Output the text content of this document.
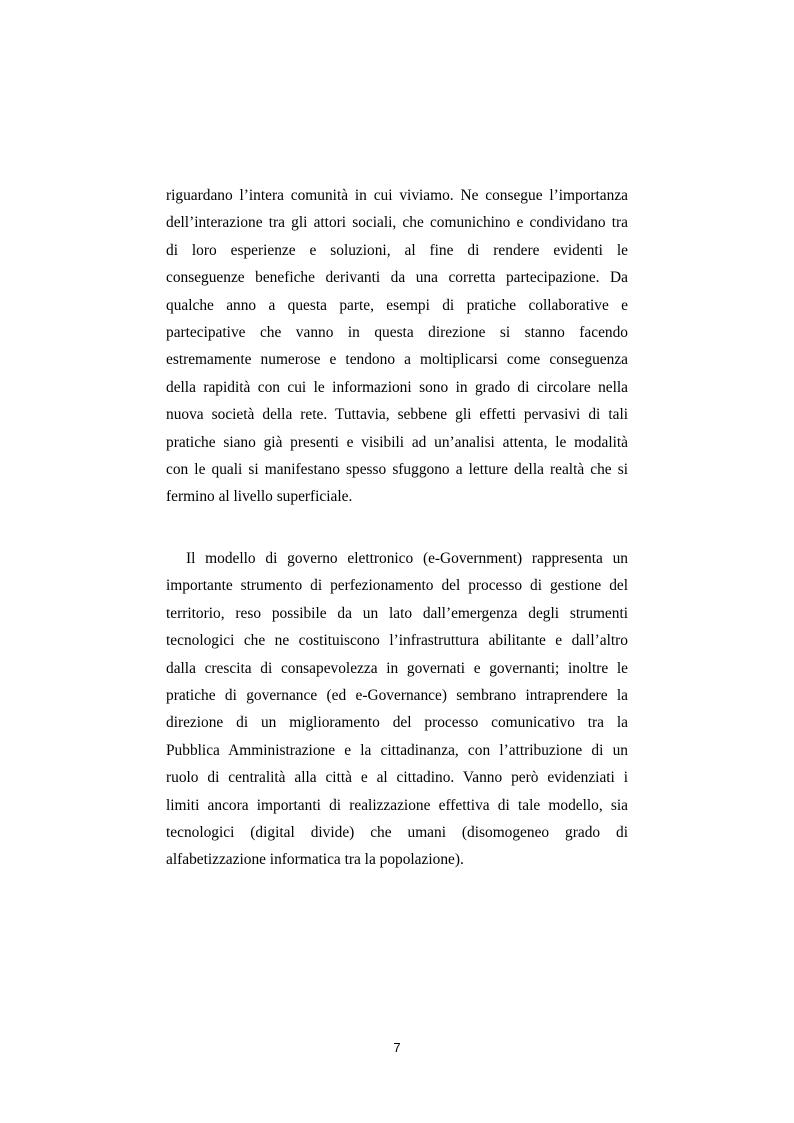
riguardano l’intera comunità in cui viviamo. Ne consegue l’importanza
dell’interazione tra gli attori sociali, che comunichino e condividano tra
di loro esperienze e soluzioni, al fine di rendere evidenti le
conseguenze benefiche derivanti da una corretta partecipazione. Da
qualche anno a questa parte, esempi di pratiche collaborative e
partecipative che vanno in questa direzione si stanno facendo
estremamente numerose e tendono a moltiplicarsi come conseguenza
della rapidità con cui le informazioni sono in grado di circolare nella
nuova società della rete. Tuttavia, sebbene gli effetti pervasivi di tali
pratiche siano già presenti e visibili ad un’analisi attenta, le modalità
con le quali si manifestano spesso sfuggono a letture della realtà che si
fermino al livello superficiale.
Il modello di governo elettronico (e-Government) rappresenta un
importante strumento di perfezionamento del processo di gestione del
territorio, reso possibile da un lato dall’emergenza degli strumenti
tecnologici che ne costituiscono l’infrastruttura abilitante e dall’altro
dalla crescita di consapevolezza in governati e governanti; inoltre le
pratiche di governance (ed e-Governance) sembrano intraprendere la
direzione di un miglioramento del processo comunicativo tra la
Pubblica Amministrazione e la cittadinanza, con l’attribuzione di un
ruolo di centralità alla città e al cittadino. Vanno però evidenziati i
limiti ancora importanti di realizzazione effettiva di tale modello, sia
tecnologici (digital divide) che umani (disomogeneo grado di
alfabetizzazione informatica tra la popolazione).
7
